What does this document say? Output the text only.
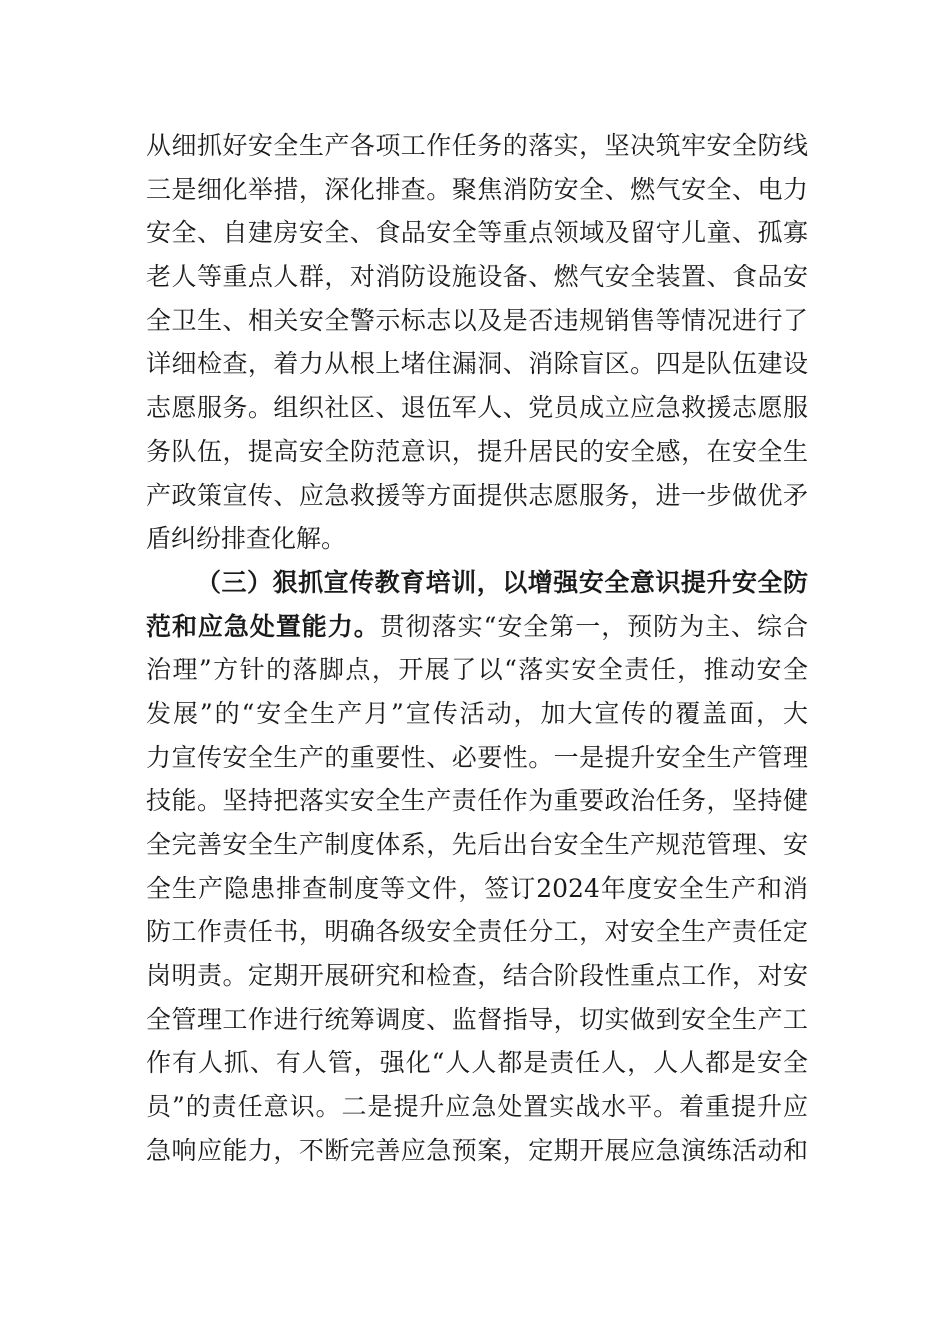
从细抓好安全生产各项工作任务的落实，坚决筑牢安全防线
三是细化举措，深化排查。聚焦消防安全、燃气安全、电力
安全、自建房安全、食品安全等重点领域及留守儿童、孤寡
老人等重点人群，对消防设施设备、燃气安全装置、食品安
全卫生、相关安全警示标志以及是否违规销售等情况进行了
详细检查，着力从根上堵住漏洞、消除盲区。四是队伍建设
志愿服务。组织社区、退伍军人、党员成立应急救援志愿服
务队伍，提高安全防范意识，提升居民的安全感，在安全生
产政策宣传、应急救援等方面提供志愿服务，进一步做优矛
盾纠纷排查化解。
（三）狠抓宣传教育培训，以增强安全意识提升安全防
范和应急处置能力。贯彻落实“安全第一，预防为主、综合
治理”方针的落脚点，开展了以“落实安全责任，推动安全
发展”的“安全生产月”宣传活动，加大宣传的覆盖面，大
力宣传安全生产的重要性、必要性。一是提升安全生产管理
技能。坚持把落实安全生产责任作为重要政治任务，坚持健
全完善安全生产制度体系，先后出台安全生产规范管理、安
全生产隐患排查制度等文件，签订2024年度安全生产和消
防工作责任书，明确各级安全责任分工，对安全生产责任定
岗明责。定期开展研究和检查，结合阶段性重点工作，对安
全管理工作进行统筹调度、监督指导，切实做到安全生产工
作有人抓、有人管，强化“人人都是责任人，人人都是安全
员”的责任意识。二是提升应急处置实战水平。着重提升应
急响应能力，不断完善应急预案，定期开展应急演练活动和
